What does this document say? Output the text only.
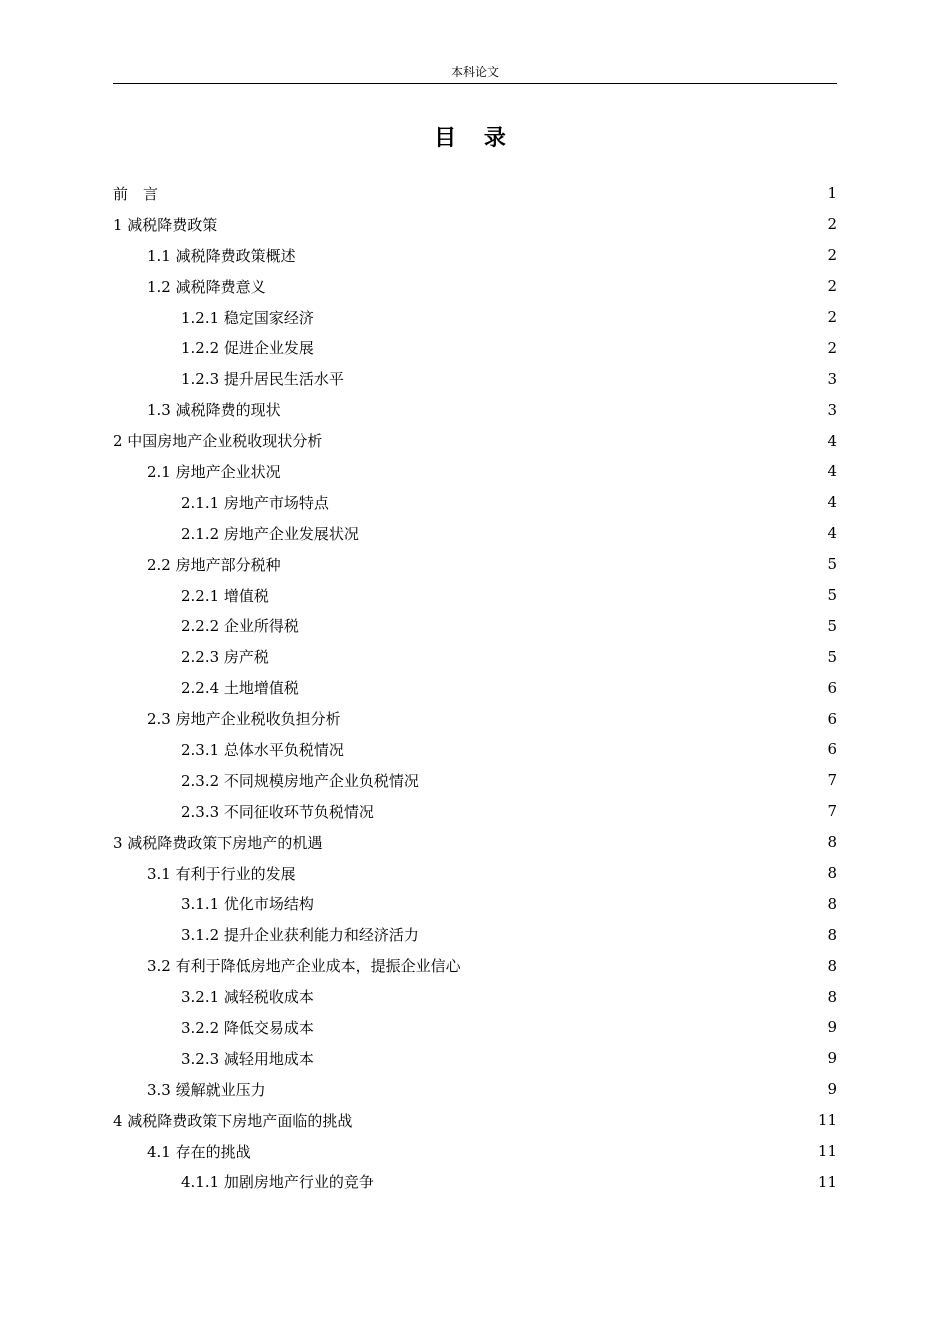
本科论文
目 录
前　言	1
1 减税降费政策	2
1.1 减税降费政策概述	2
1.2 减税降费意义	2
1.2.1 稳定国家经济	2
1.2.2 促进企业发展	2
1.2.3 提升居民生活水平	3
1.3 减税降费的现状	3
2 中国房地产企业税收现状分析	4
2.1 房地产企业状况	4
2.1.1 房地产市场特点	4
2.1.2 房地产企业发展状况	4
2.2 房地产部分税种	5
2.2.1 增值税	5
2.2.2 企业所得税	5
2.2.3 房产税	5
2.2.4 土地增值税	6
2.3 房地产企业税收负担分析	6
2.3.1 总体水平负税情况	6
2.3.2 不同规模房地产企业负税情况	7
2.3.3 不同征收环节负税情况	7
3 减税降费政策下房地产的机遇	8
3.1 有利于行业的发展	8
3.1.1 优化市场结构	8
3.1.2 提升企业获利能力和经济活力	8
3.2 有利于降低房地产企业成本，提振企业信心	8
3.2.1 减轻税收成本	8
3.2.2 降低交易成本	9
3.2.3 减轻用地成本	9
3.3 缓解就业压力	9
4 减税降费政策下房地产面临的挑战	11
4.1 存在的挑战	11
4.1.1 加剧房地产行业的竞争	11
